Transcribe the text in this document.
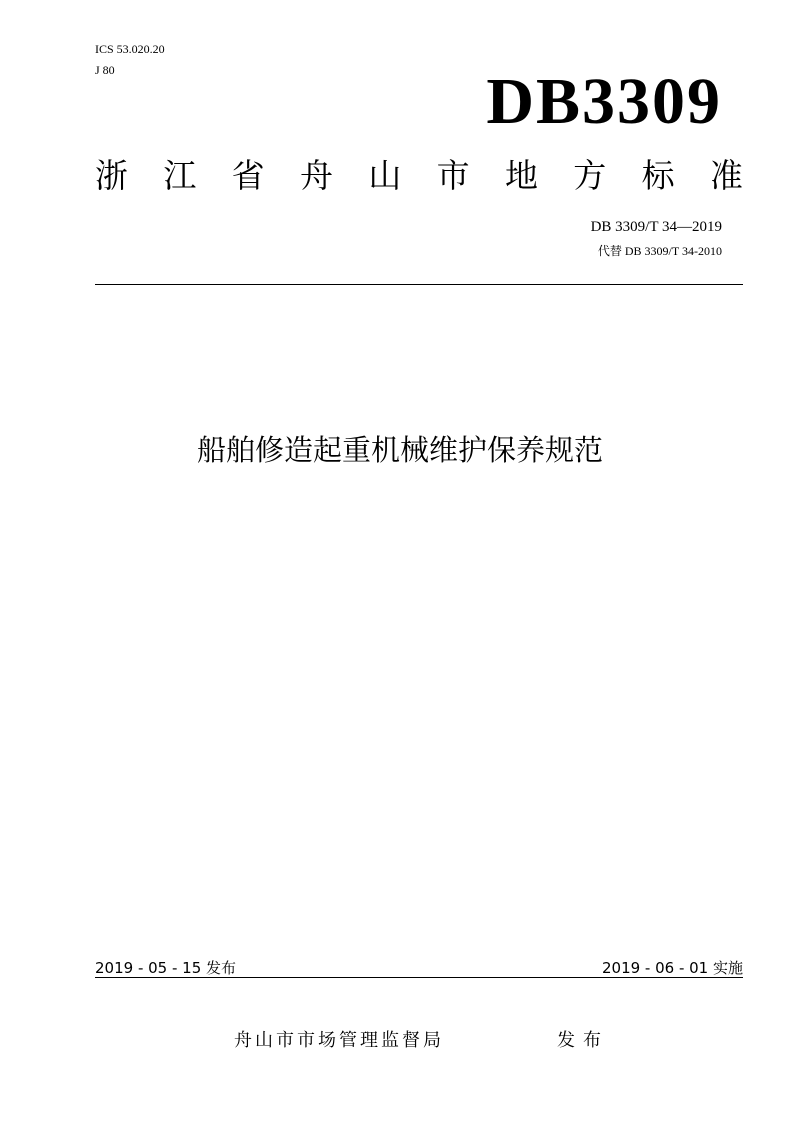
ICS 53.020.20
J 80	DB3309
浙 江 省 舟 山 市 地 方 标 准
DB 3309/T 34—2019
代替 DB 3309/T 34-2010
船舶修造起重机械维护保养规范
2019 - 05 - 15 发布	2019 - 06 - 01 实施
舟山市市场管理监督局	发布
